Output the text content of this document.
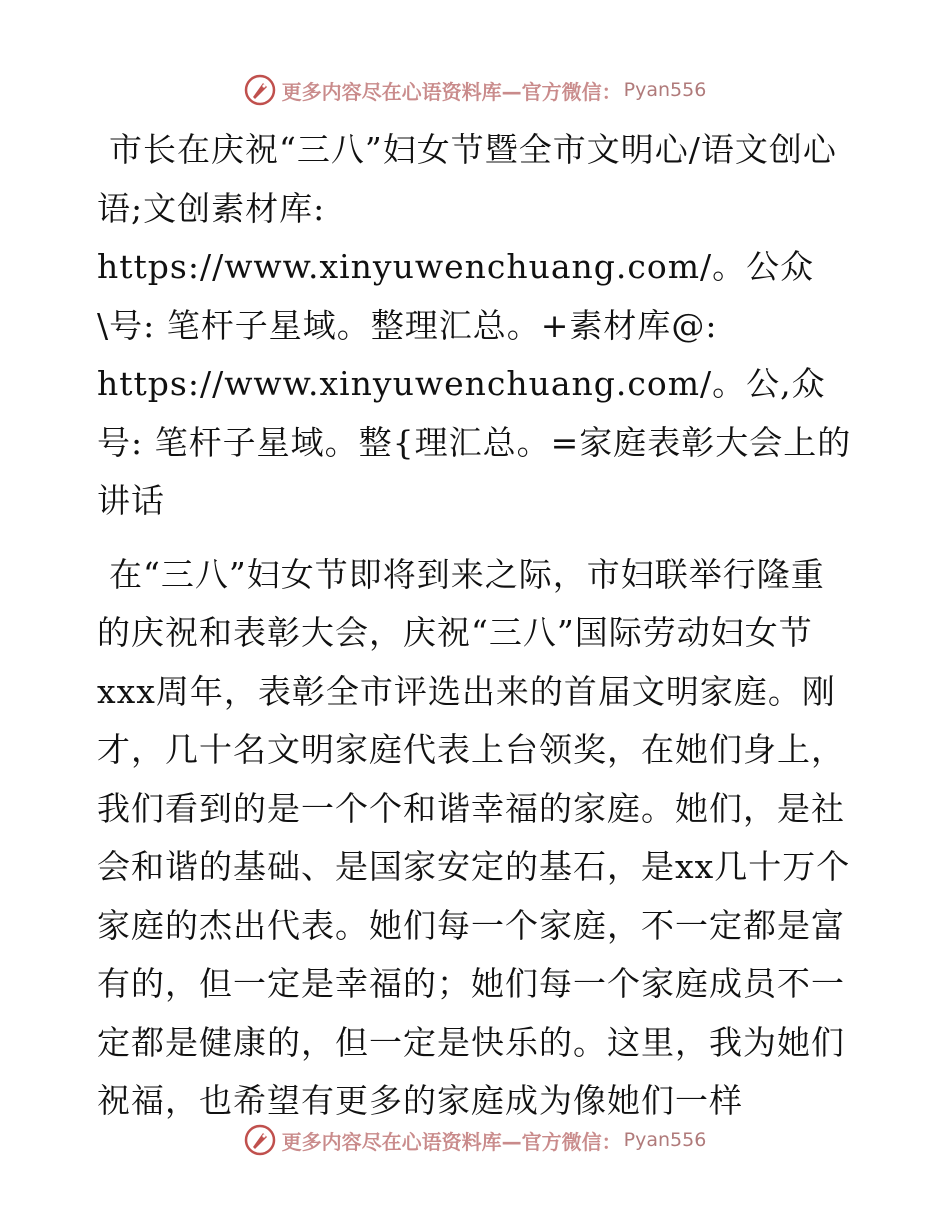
更多内容尽在心语资料库—官方微信： Pyan556

市长在庆祝“三八”妇女节暨全市文明心/语文创心语;文创素材库: https://www.xinyuwenchuang.com/。公众\号: 笔杆子星域。整理汇总。+素材库@: https://www.xinyuwenchuang.com/。公,众号: 笔杆子星域。整{理汇总。=家庭表彰大会上的讲话

在“三八”妇女节即将到来之际，市妇联举行隆重的庆祝和表彰大会，庆祝“三八”国际劳动妇女节xxx周年，表彰全市评选出来的首届文明家庭。刚才，几十名文明家庭代表上台领奖，在她们身上，我们看到的是一个个和谐幸福的家庭。她们，是社会和谐的基础、是国家安定的基石，是xx几十万个家庭的杰出代表。她们每一个家庭，不一定都是富有的，但一定是幸福的；她们每一个家庭成员不一定都是健康的，但一定是快乐的。这里，我为她们祝福，也希望有更多的家庭成为像她们一样

更多内容尽在心语资料库—官方微信： Pyan556
